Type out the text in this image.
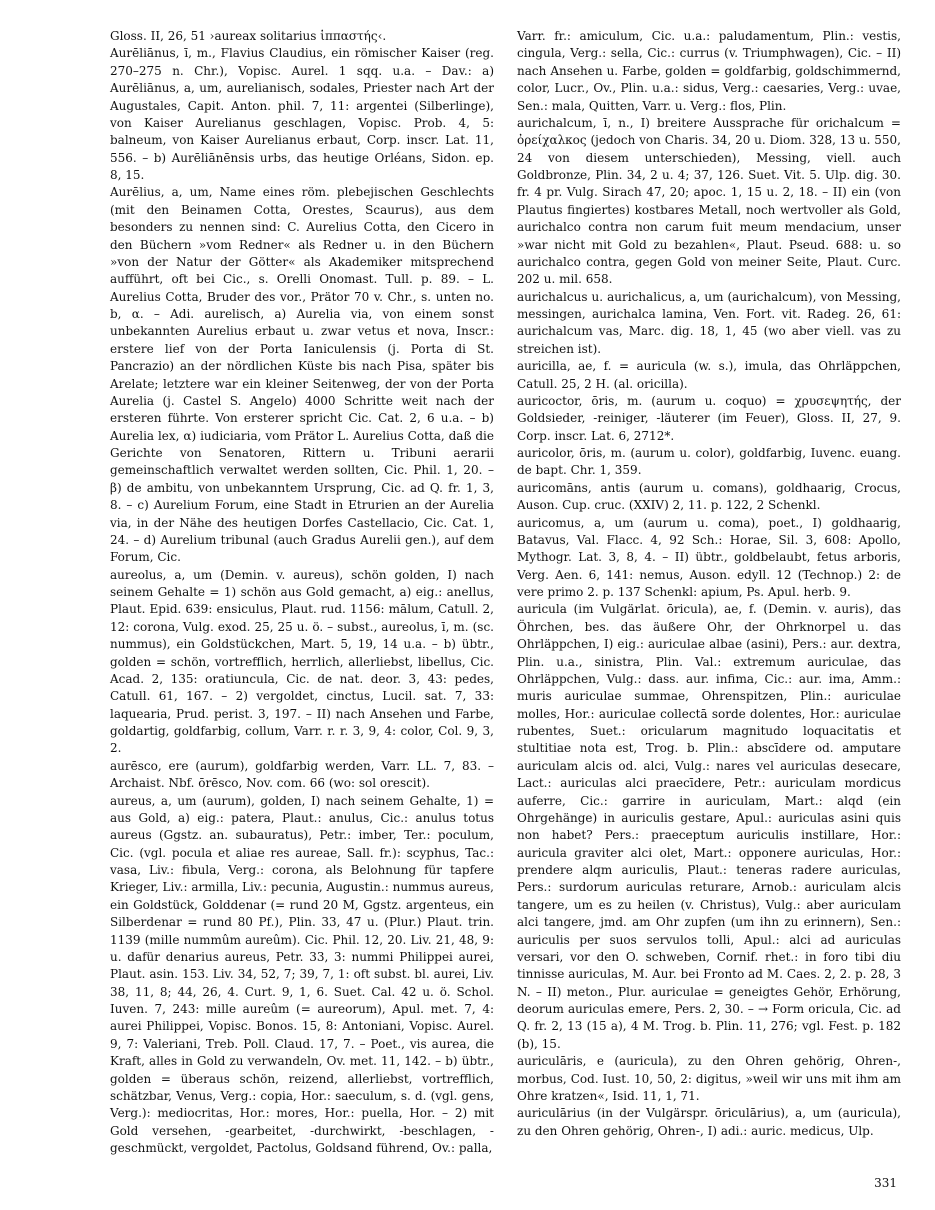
Gloss. II, 26, 51 ›aureax solitarius ἱππαστής‹.

Aurēliānus, ī, m., Flavius Claudius, ein römischer Kaiser (reg. 270–275 n. Chr.), Vopisc. Aurel. 1 sqq. u.a. – Dav.: a) Aurēliānus, a, um, aurelianisch, sodales, Priester nach Art der Augustales, Capit. Anton. phil. 7, 11: argentei (Silberlinge), von Kaiser Aurelianus geschlagen, Vopisc. Prob. 4, 5: balneum, von Kaiser Aurelianus erbaut, Corp. inscr. Lat. 11, 556. – b) Aurēliānēnsis urbs, das heutige Orléans, Sidon. ep. 8, 15.

Aurēlius, a, um, Name eines röm. plebejischen Geschlechts (mit den Beinamen Cotta, Orestes, Scaurus), aus dem besonders zu nennen sind: C. Aurelius Cotta, den Cicero in den Büchern »vom Redner« als Redner u. in den Büchern »von der Natur der Götter« als Akademiker mitsprechend aufführt, oft bei Cic., s. Orelli Onomast. Tull. p. 89. – L. Aurelius Cotta, Bruder des vor., Prätor 70 v. Chr., s. unten no. b, α. – Adi. aurelisch, a) Aurelia via, von einem sonst unbekannten Aurelius erbaut u. zwar vetus et nova, Inscr.: erstere lief von der Porta Ianiculensis (j. Porta di St. Pancrazio) an der nördlichen Küste bis nach Pisa, später bis Arelate; letztere war ein kleiner Seitenweg, der von der Porta Aurelia (j. Castel S. Angelo) 4000 Schritte weit nach der ersteren führte. Von ersterer spricht Cic. Cat. 2, 6 u.a. – b) Aurelia lex, α) iudiciaria, vom Prätor L. Aurelius Cotta, daß die Gerichte von Senatoren, Rittern u. Tribuni aerarii gemeinschaftlich verwaltet werden sollten, Cic. Phil. 1, 20. – β) de ambitu, von unbekanntem Ursprung, Cic. ad Q. fr. 1, 3, 8. – c) Aurelium Forum, eine Stadt in Etrurien an der Aurelia via, in der Nähe des heutigen Dorfes Castellacio, Cic. Cat. 1, 24. – d) Aurelium tribunal (auch Gradus Aurelii gen.), auf dem Forum, Cic.

aureolus, a, um (Demin. v. aureus), schön golden, I) nach seinem Gehalte = 1) schön aus Gold gemacht, a) eig.: anellus, Plaut. Epid. 639: ensiculus, Plaut. rud. 1156: mālum, Catull. 2, 12: corona, Vulg. exod. 25, 25 u. ö. – subst., aureolus, ī, m. (sc. nummus), ein Goldstückchen, Mart. 5, 19, 14 u.a. – b) übtr., golden = schön, vortrefflich, herrlich, allerliebst, libellus, Cic. Acad. 2, 135: oratiuncula, Cic. de nat. deor. 3, 43: pedes, Catull. 61, 167. – 2) vergoldet, cinctus, Lucil. sat. 7, 33: laquearia, Prud. perist. 3, 197. – II) nach Ansehen und Farbe, goldartig, goldfarbig, collum, Varr. r. r. 3, 9, 4: color, Col. 9, 3, 2.

aurēsco, ere (aurum), goldfarbig werden, Varr. LL. 7, 83. – Archaist. Nbf. ōrēsco, Nov. com. 66 (wo: sol orescit).

aureus, a, um (aurum), golden, I) nach seinem Gehalte, 1) = aus Gold, a) eig.: patera, Plaut.: anulus, Cic.: anulus totus aureus (Ggstz. an. subauratus), Petr.: imber, Ter.: poculum, Cic. (vgl. pocula et aliae res aureae, Sall. fr.): scyphus, Tac.: vasa, Liv.: fibula, Verg.: corona, als Belohnung für tapfere Krieger, Liv.: armilla, Liv.: pecunia, Augustin.: nummus aureus, ein Goldstück, Golddenar (= rund 20 M, Ggstz. argenteus, ein Silberdenar = rund 80 Pf.), Plin. 33, 47 u. (Plur.) Plaut. trin. 1139 (mille nummûm aureûm). Cic. Phil. 12, 20. Liv. 21, 48, 9: u. dafür denarius aureus, Petr. 33, 3: nummi Philippei aurei, Plaut. asin. 153. Liv. 34, 52, 7; 39, 7, 1: oft subst. bl. aurei, Liv. 38, 11, 8; 44, 26, 4. Curt. 9, 1, 6. Suet. Cal. 42 u. ö. Schol. Iuven. 7, 243: mille aureûm (= aureorum), Apul. met. 7, 4: aurei Philippei, Vopisc. Bonos. 15, 8: Antoniani, Vopisc. Aurel. 9, 7: Valeriani, Treb. Poll. Claud. 17, 7. – Poet., vis aurea, die Kraft, alles in Gold zu verwandeln, Ov. met. 11, 142. – b) übtr., golden = überaus schön, reizend, allerliebst, vortrefflich, schätzbar, Venus, Verg.: copia, Hor.: saeculum, s. d. (vgl. gens, Verg.): mediocritas, Hor.: mores, Hor.: puella, Hor. – 2) mit Gold versehen, -gearbeitet, -durchwirkt, -beschlagen, -geschmückt, vergoldet, Pactolus, Goldsand führend, Ov.: palla,

Varr. fr.: amiculum, Cic. u.a.: paludamentum, Plin.: vestis, cingula, Verg.: sella, Cic.: currus (v. Triumphwagen), Cic. – II) nach Ansehen u. Farbe, golden = goldfarbig, goldschimmernd, color, Lucr., Ov., Plin. u.a.: sidus, Verg.: caesaries, Verg.: uvae, Sen.: mala, Quitten, Varr. u. Verg.: flos, Plin.

aurichalcum, ī, n., I) breitere Aussprache für orichalcum = ὀρείχαλκος (jedoch von Charis. 34, 20 u. Diom. 328, 13 u. 550, 24 von diesem unterschieden), Messing, viell. auch Goldbronze, Plin. 34, 2 u. 4; 37, 126. Suet. Vit. 5. Ulp. dig. 30. fr. 4 pr. Vulg. Sirach 47, 20; apoc. 1, 15 u. 2, 18. – II) ein (von Plautus fingiertes) kostbares Metall, noch wertvoller als Gold, aurichalco contra non carum fuit meum mendacium, unser »war nicht mit Gold zu bezahlen«, Plaut. Pseud. 688: u. so aurichalco contra, gegen Gold von meiner Seite, Plaut. Curc. 202 u. mil. 658.

aurichalcus u. aurichalicus, a, um (aurichalcum), von Messing, messingen, aurichalca lamina, Ven. Fort. vit. Radeg. 26, 61: aurichalcum vas, Marc. dig. 18, 1, 45 (wo aber viell. vas zu streichen ist).

auricilla, ae, f. = auricula (w. s.), imula, das Ohrläppchen, Catull. 25, 2 H. (al. oricilla).

auricoctor, ōris, m. (aurum u. coquo) = χρυσεψητής, der Goldsieder, -reiniger, -läuterer (im Feuer), Gloss. II, 27, 9. Corp. inscr. Lat. 6, 2712*.

auricolor, ōris, m. (aurum u. color), goldfarbig, Iuvenc. euang. de bapt. Chr. 1, 359.

auricomāns, antis (aurum u. comans), goldhaarig, Crocus, Auson. Cup. cruc. (XXIV) 2, 11. p. 122, 2 Schenkl.

auricomus, a, um (aurum u. coma), poet., I) goldhaarig, Batavus, Val. Flacc. 4, 92 Sch.: Horae, Sil. 3, 608: Apollo, Mythogr. Lat. 3, 8, 4. – II) übtr., goldbelaubt, fetus arboris, Verg. Aen. 6, 141: nemus, Auson. edyll. 12 (Technop.) 2: de vere primo 2. p. 137 Schenkl: apium, Ps. Apul. herb. 9.

auricula (im Vulgärlat. ōricula), ae, f. (Demin. v. auris), das Öhrchen, bes. das äußere Ohr, der Ohrknorpel u. das Ohrläppchen, I) eig.: auriculae albae (asini), Pers.: aur. dextra, Plin. u.a., sinistra, Plin. Val.: extremum auriculae, das Ohrläppchen, Vulg.: dass. aur. infima, Cic.: aur. ima, Amm.: muris auriculae summae, Ohrenspitzen, Plin.: auriculae molles, Hor.: auriculae collectā sorde dolentes, Hor.: auriculae rubentes, Suet.: oricularum magnitudo loquacitatis et stultitiae nota est, Trog. b. Plin.: abscīdere od. amputare auriculam alcis od. alci, Vulg.: nares vel auriculas desecare, Lact.: auriculas alci praecīdere, Petr.: auriculam mordicus auferre, Cic.: garrire in auriculam, Mart.: alqd (ein Ohrgehänge) in auriculis gestare, Apul.: auriculas asini quis non habet? Pers.: praeceptum auriculis instillare, Hor.: auricula graviter alci olet, Mart.: opponere auriculas, Hor.: prendere alqm auriculis, Plaut.: teneras radere auriculas, Pers.: surdorum auriculas returare, Arnob.: auriculam alcis tangere, um es zu heilen (v. Christus), Vulg.: aber auriculam alci tangere, jmd. am Ohr zupfen (um ihn zu erinnern), Sen.: auriculis per suos servulos tolli, Apul.: alci ad auriculas versari, vor den O. schweben, Cornif. rhet.: in foro tibi diu tinnisse auriculas, M. Aur. bei Fronto ad M. Caes. 2, 2. p. 28, 3 N. – II) meton., Plur. auriculae = geneigtes Gehör, Erhörung, deorum auriculas emere, Pers. 2, 30. – → Form oricula, Cic. ad Q. fr. 2, 13 (15 a), 4 M. Trog. b. Plin. 11, 276; vgl. Fest. p. 182 (b), 15.

auriculāris, e (auricula), zu den Ohren gehörig, Ohren-, morbus, Cod. Iust. 10, 50, 2: digitus, »weil wir uns mit ihm am Ohre kratzen«, Isid. 11, 1, 71.

auriculārius (in der Vulgärspr. ōriculārius), a, um (auricula), zu den Ohren gehörig, Ohren-, I) adi.: auric. medicus, Ulp.

331
